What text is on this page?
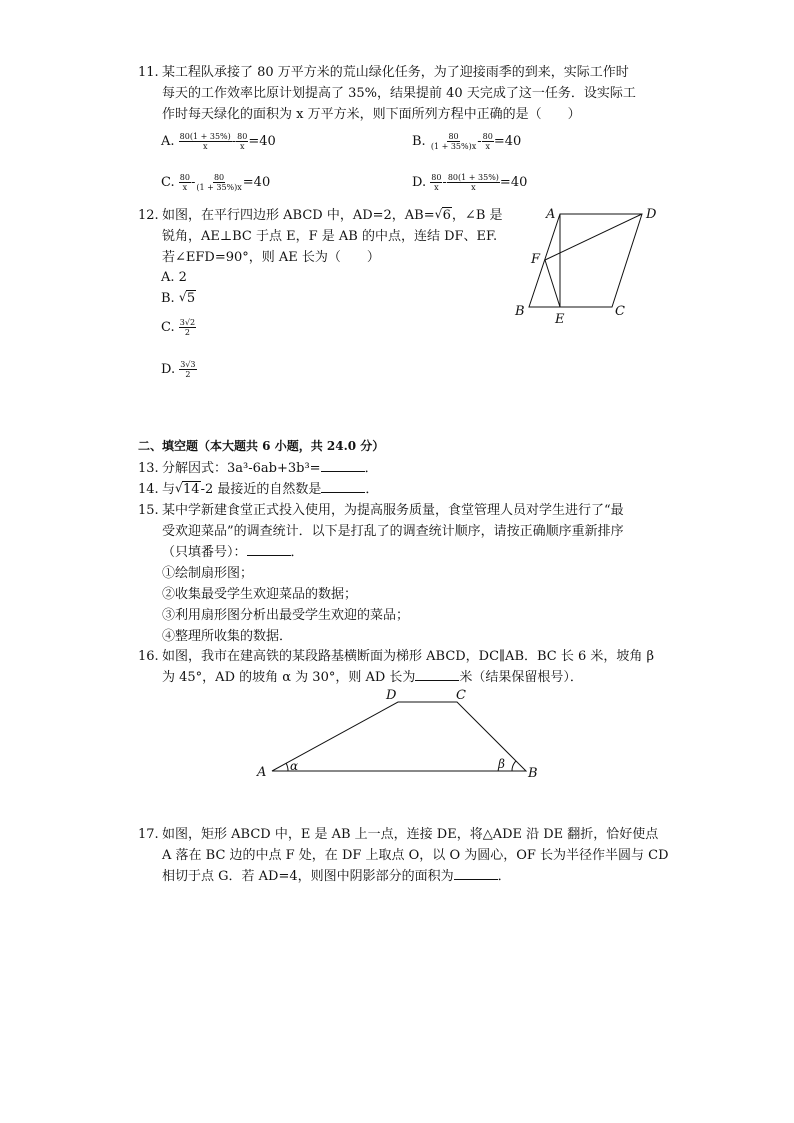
11. 某工程队承接了 80 万平方米的荒山绿化任务，为了迎接雨季的到来，实际工作时
每天的工作效率比原计划提高了 35%，结果提前 40 天完成了这一任务．设实际工
作时每天绿化的面积为 x 万平方米，则下面所列方程中正确的是（　　）
A. $\frac{80(1 + 35\%)}{x} - \frac{80}{x} =40$	B. $\frac{80}{(1 + 35\%)x} - \frac{80}{x} =40$
C. $\frac{80}{x} - \frac{80}{(1 + 35\%)x} =40$	D. $\frac{80}{x} - \frac{80(1 + 35\%)}{x} =40$
12. 如图，在平行四边形 ABCD 中，AD=2，AB= √ 6，∠B 是
锐角，AE⊥BC 于点 E，F 是 AB 的中点，连结 DF、EF.
若∠EFD=90°，则 AE 长为（　　）
A. 2
B. √ 5
C. $\frac{3√2}{2}$
D. $\frac{3√3}{2}$
A	D
F
B
E
C
二、填空题（本大题共 6 小题，共 24.0 分）
13. 分解因式：3a³-6ab+3b³=	．
14. 与 √ 14-2 最接近的自然数是	．
15. 某中学新建食堂正式投入使用，为提高服务质量，食堂管理人员对学生进行了“最
受欢迎菜品”的调查统计．以下是打乱了的调查统计顺序，请按正确顺序重新排序
（只填番号）：	．
①绘制扇形图；
②收集最受学生欢迎菜品的数据；
③利用扇形图分析出最受学生欢迎的菜品；
④整理所收集的数据．
16. 如图，我市在建高铁的某段路基横断面为梯形 ABCD，DC∥AB．BC 长 6 米，坡角 β
为 45°，AD 的坡角 α 为 30°，则 AD 长为	米（结果保留根号）．
A
D	C
B
α	β
17. 如图，矩形 ABCD 中，E 是 AB 上一点，连接 DE，将△ADE 沿 DE 翻折，恰好使点
A 落在 BC 边的中点 F 处，在 DF 上取点 O，以 O 为圆心，OF 长为半径作半圆与 CD
相切于点 G．若 AD=4，则图中阴影部分的面积为	．
